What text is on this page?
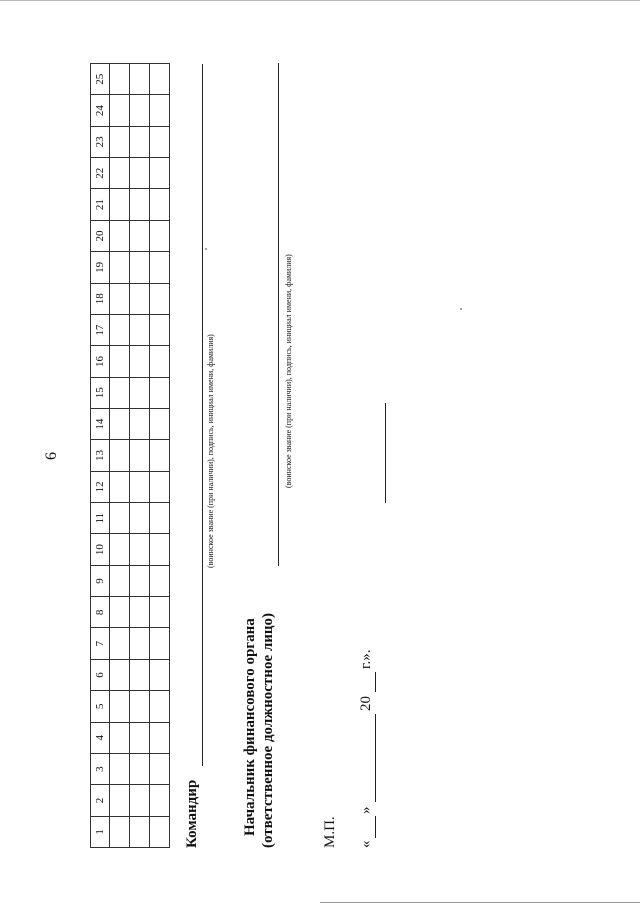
6
1	2	3	4	5	6	7	8	9	10	11	12	13	14	15	16	17	18	19	20	21	22	23	24	25

Командир
(воинское звание (при наличии), подпись, инициал имени, фамилия)
Начальник финансового органа (ответственное должностное лицо)
(воинское звание (при наличии), подпись, инициал имени, фамилия)
М.П. «
»
20
г.».
